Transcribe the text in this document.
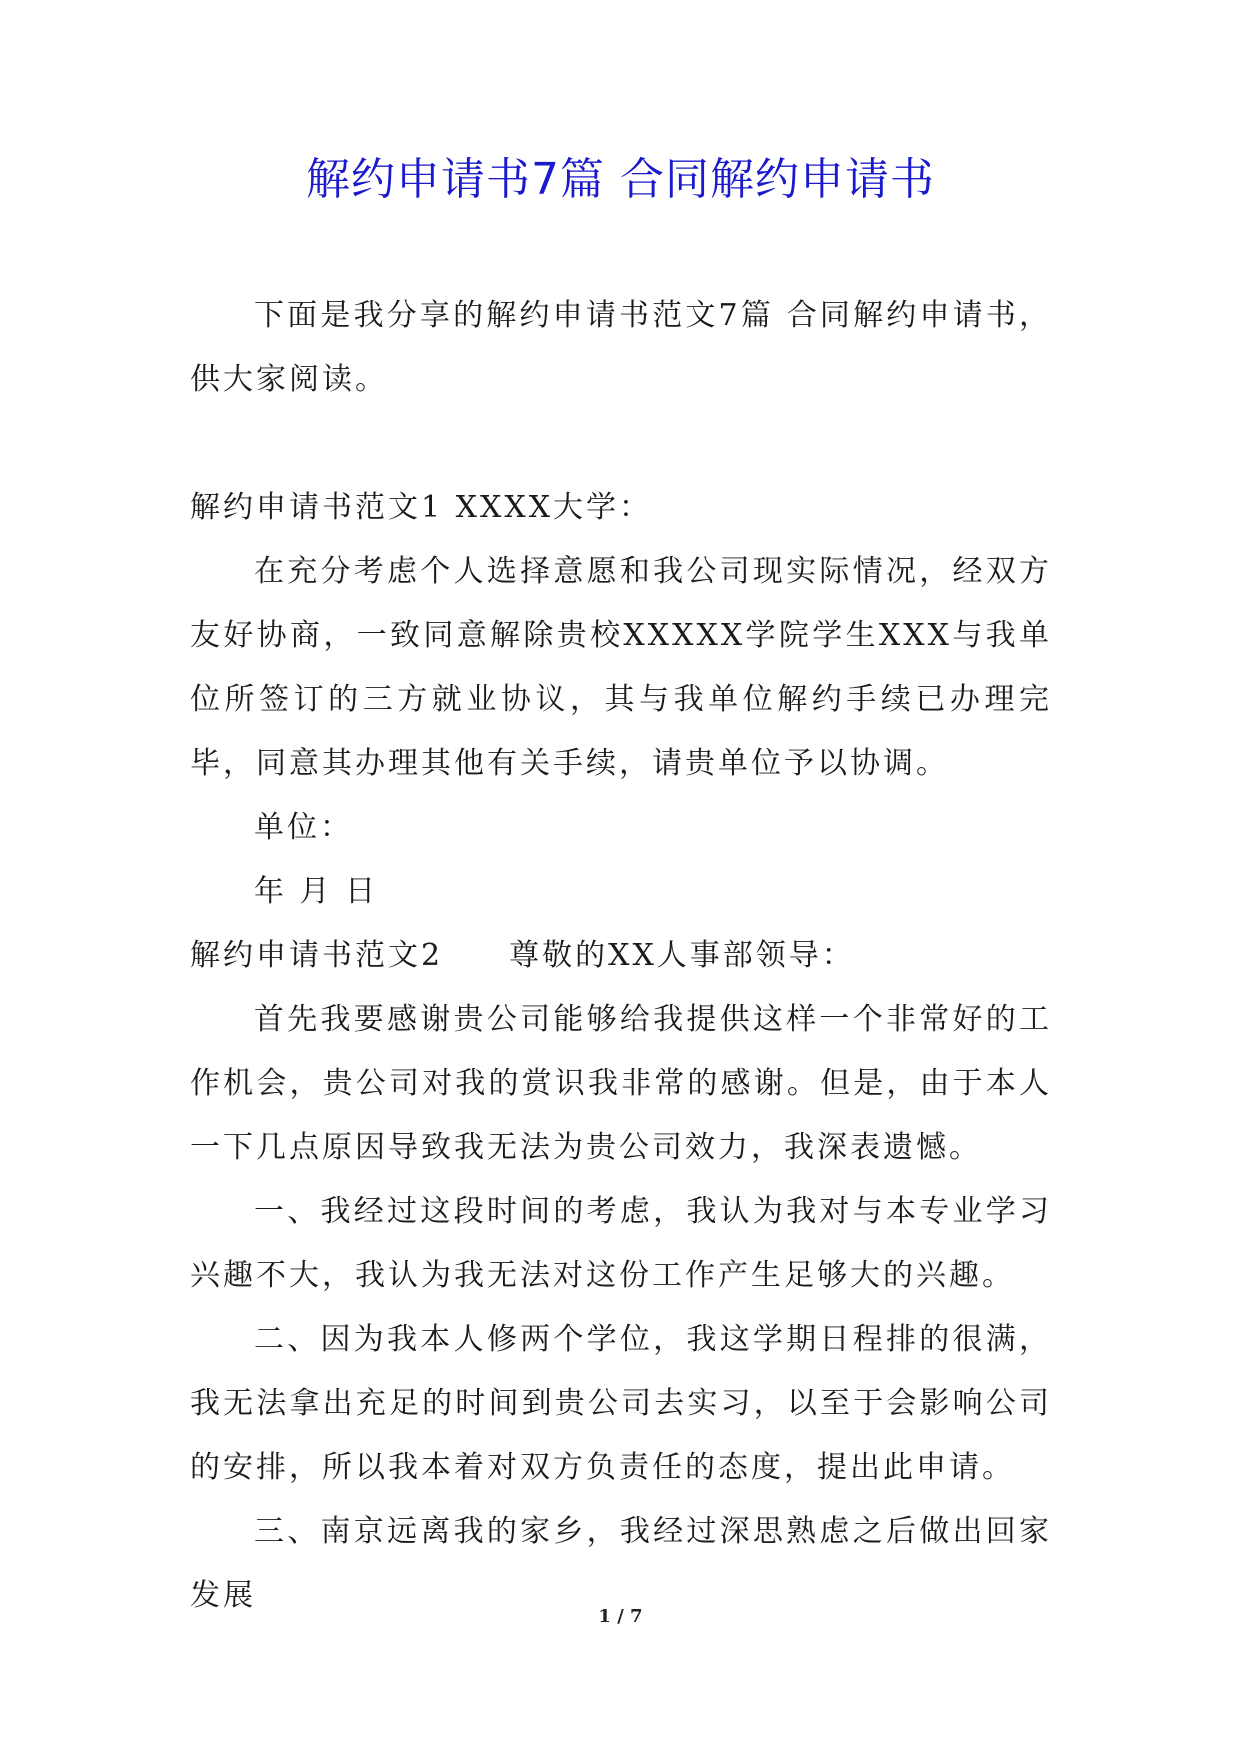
解约申请书7篇 合同解约申请书

下面是我分享的解约申请书范文7篇 合同解约申请书，供大家阅读。

解约申请书范文1 XXXX大学：

在充分考虑个人选择意愿和我公司现实际情况，经双方友好协商，一致同意解除贵校XXXXX学院学生XXX与我单位所签订的三方就业协议，其与我单位解约手续已办理完毕，同意其办理其他有关手续，请贵单位予以协调。

单位：

年 月 日

解约申请书范文2　　尊敬的XX人事部领导：

首先我要感谢贵公司能够给我提供这样一个非常好的工作机会，贵公司对我的赏识我非常的感谢。但是，由于本人一下几点原因导致我无法为贵公司效力，我深表遗憾。

一、我经过这段时间的考虑，我认为我对与本专业学习兴趣不大，我认为我无法对这份工作产生足够大的兴趣。

二、因为我本人修两个学位，我这学期日程排的很满，我无法拿出充足的时间到贵公司去实习，以至于会影响公司的安排，所以我本着对双方负责任的态度，提出此申请。

三、南京远离我的家乡，我经过深思熟虑之后做出回家发展

1 / 7
